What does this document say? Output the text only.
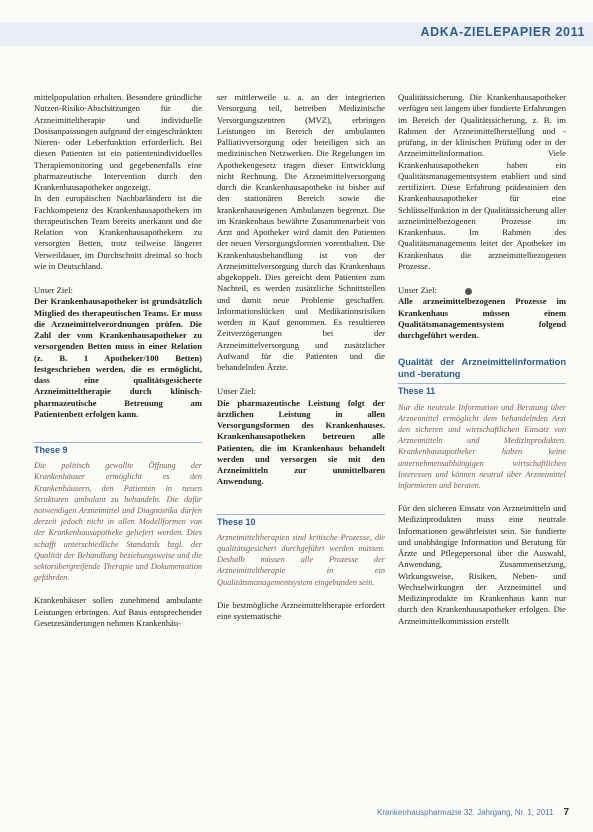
ADKA-ZIELEPAPIER 2011

mittelpopulation erhalten. Besondere gründliche Nutzen-Risiko-Abschätzungen für die Arzneimitteltherapie und individuelle Dosisanpassungen aufgrund der eingeschränkten Nieren- oder Leberfunktion erforderlich. Bei diesen Patienten ist ein patientenindividuelles Therapiemonitoring und gegebenenfalls eine pharmazeutische Intervention durch den Krankenhausapotheker angezeigt.

In den europäischen Nachbarländern ist die Fachkompetenz des Krankenhausapothekers im therapeutischen Team bereits anerkannt und die Relation von Krankenhausapothekern zu versorgten Betten, trotz teilweise längerer Verweildauer, im Durchschnitt dreimal so hoch wie in Deutschland.

Unser Ziel:

Der Krankenhausapotheker ist grundsätzlich Mitglied des therapeutischen Teams. Er muss die Arzneimittelverordnungen prüfen. Die Zahl der vom Krankenhausapotheker zu versorgenden Betten muss in einer Relation (z. B. 1 Apotheker/100 Betten) festgeschrieben werden, die es ermöglicht, dass eine qualitätsgesicherte Arzneimitteltherapie durch klinisch-pharmazeutische Betreuung am Patientenbett erfolgen kann.

These 9

Die politisch gewollte Öffnung der Krankenhäuser ermöglicht es den Krankenhäusern, den Patienten in neuen Strukturen ambulant zu behandeln. Die dafür notwendigen Arzneimittel und Diagnostika dürfen derzeit jedoch nicht in allen Modellformen von der Krankenhausapotheke geliefert werden. Dies schafft unterschiedliche Standards bzgl. der Qualität der Behandlung beziehungsweise und die sektorübergreifende Therapie und Dokumentation gefährden.

Krankenhäuser sollen zunehmend ambulante Leistungen erbringen. Auf Basis entsprechender Gesetzesänderungen nehmen Krankenhäu-

ser mittlerweile u. a. an der integrierten Versorgung teil, betreiben Medizinische Versorgungszentren (MVZ), erbringen Leistungen im Bereich der ambulanten Palliativversorgung oder beteiligen sich an medizinischen Netzwerken. Die Regelungen im Apothekengesetz tragen dieser Entwicklung nicht Rechnung. Die Arzneimittelversorgung durch die Krankenhausapotheke ist bisher auf den stationären Bereich sowie die krankenhauseigenen Ambulanzen begrenzt. Die im Krankenhaus bewährte Zusammenarbeit von Arzt und Apotheker wird damit den Patienten der neuen Versorgungsformen vorenthalten. Die Krankenhausbehandlung ist von der Arzneimittelversorgung durch das Krankenhaus abgekoppelt. Dies gereicht dem Patienten zum Nachteil, es werden zusätzliche Schnittstellen und damit neue Probleme geschaffen. Informationslücken und Medikationsrisiken werden in Kauf genommen. Es resultieren Zeitverzögerungen bei der Arzneimittelversorgung und zusätzlicher Aufwand für die Patienten und die behandelnden Ärzte.

Unser Ziel:

Die pharmazeutische Leistung folgt der ärztlichen Leistung in allen Versorgungsformen des Krankenhauses. Krankenhausapotheken betreuen alle Patienten, die im Krankenhaus behandelt werden und versorgen sie mit den Arzneimitteln zur unmittelbaren Anwendung.

These 10

Arzneimitteltherapien sind kritische Prozesse, die qualitätsgesichert durchgeführt werden müssen. Deshalb müssen alle Prozesse der Arzneimitteltherapie in ein Qualitätsmanagementsystem eingebunden sein.

Die bestmögliche Arzneimitteltherapie erfordert eine systematische

Qualitätssicherung. Die Krankenhausapotheker verfügen seit langem über fundierte Erfahrungen im Bereich der Qualitätssicherung, z. B. im Rahmen der Arzneimittelherstellung und -prüfung, in der klinischen Prüfung oder in der Arzneimittelinformation. Viele Krankenhausapotheken haben ein Qualitätsmanagementsystem etabliert und sind zertifiziert. Diese Erfahrung prädestiniert den Krankenhausapotheker für eine Schlüsselfunktion in der Qualitätssicherung aller arzneimittelbezogenen Prozesse im Krankenhaus. Im Rahmen des Qualitätsmanagements leitet der Apotheker im Krankenhaus die arzneimittelbezogenen Prozesse.

Unser Ziel:

Alle arzneimittelbezogenen Prozesse im Krankenhaus müssen einem Qualitätsmanagementsystem folgend durchgeführt werden.

Qualität der Arzneimittelinformation und -beratung

These 11

Nur die neutrale Information und Beratung über Arzneimittel ermöglicht dem behandelnden Arzt den sicheren und wirtschaftlichen Einsatz von Arzneimitteln und Medizinprodukten. Krankenhausapotheker haben keine unternehmensabhängigen wirtschaftlichen Interessen und können neutral über Arzneimittel informieren und beraten.

Für den sicheren Einsatz von Arzneimitteln und Medizinprodukten muss eine neutrale Informationen gewährleistet sein. Sie fundierte und unabhängige Information und Beratung für Ärzte und Pflegepersonal über die Auswahl, Anwendung, Zusammensetzung, Wirkungsweise, Risiken, Neben- und Wechselwirkungen der Arzneimittel und Medizinprodukte im Krankenhaus kann nur durch den Krankenhausapotheker erfolgen. Die Arzneimittelkommission erstellt

Krankenhauspharmazie 32. Jahrgang, Nr. 1, 2011 7
